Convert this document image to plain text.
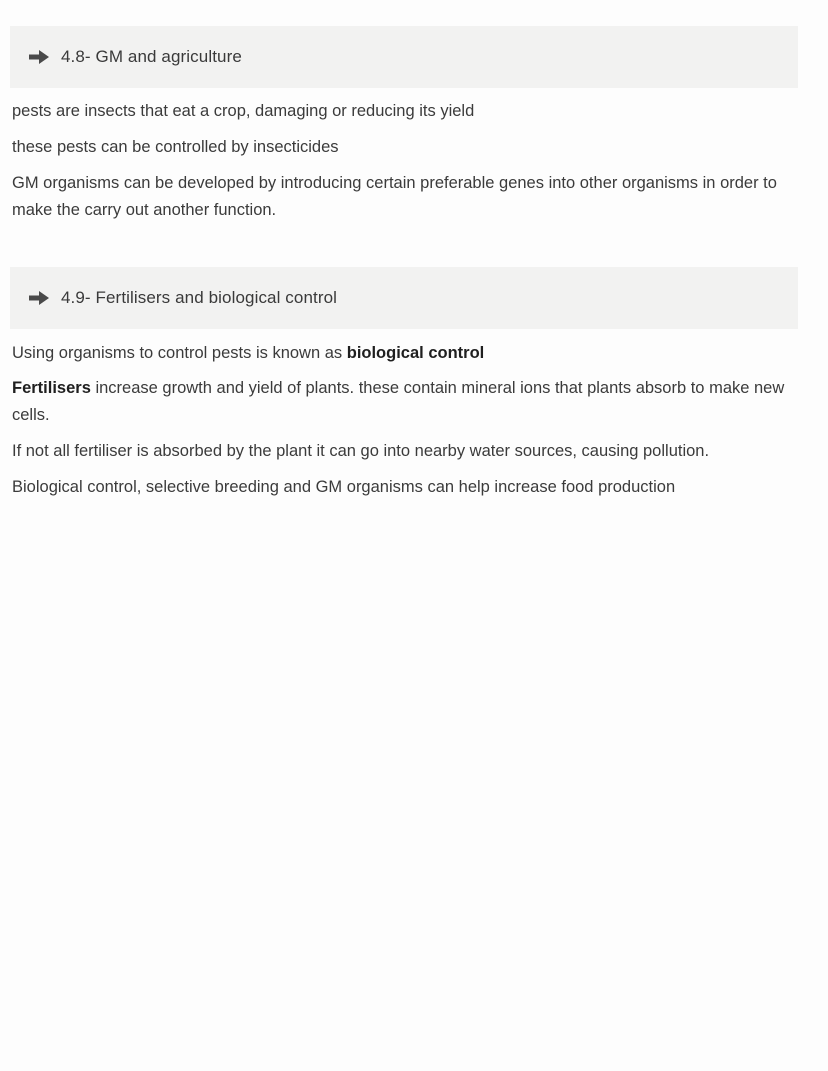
4.8- GM and agriculture

pests are insects that eat a crop, damaging or reducing its yield

these pests can be controlled by insecticides

GM organisms can be developed by introducing certain preferable genes into other organisms in order to make the carry out another function.

4.9- Fertilisers and biological control

Using organisms to control pests is known as biological control

Fertilisers increase growth and yield of plants. these contain mineral ions that plants absorb to make new cells.

If not all fertiliser is absorbed by the plant it can go into nearby water sources, causing pollution.

Biological control, selective breeding and GM organisms can help increase food production
